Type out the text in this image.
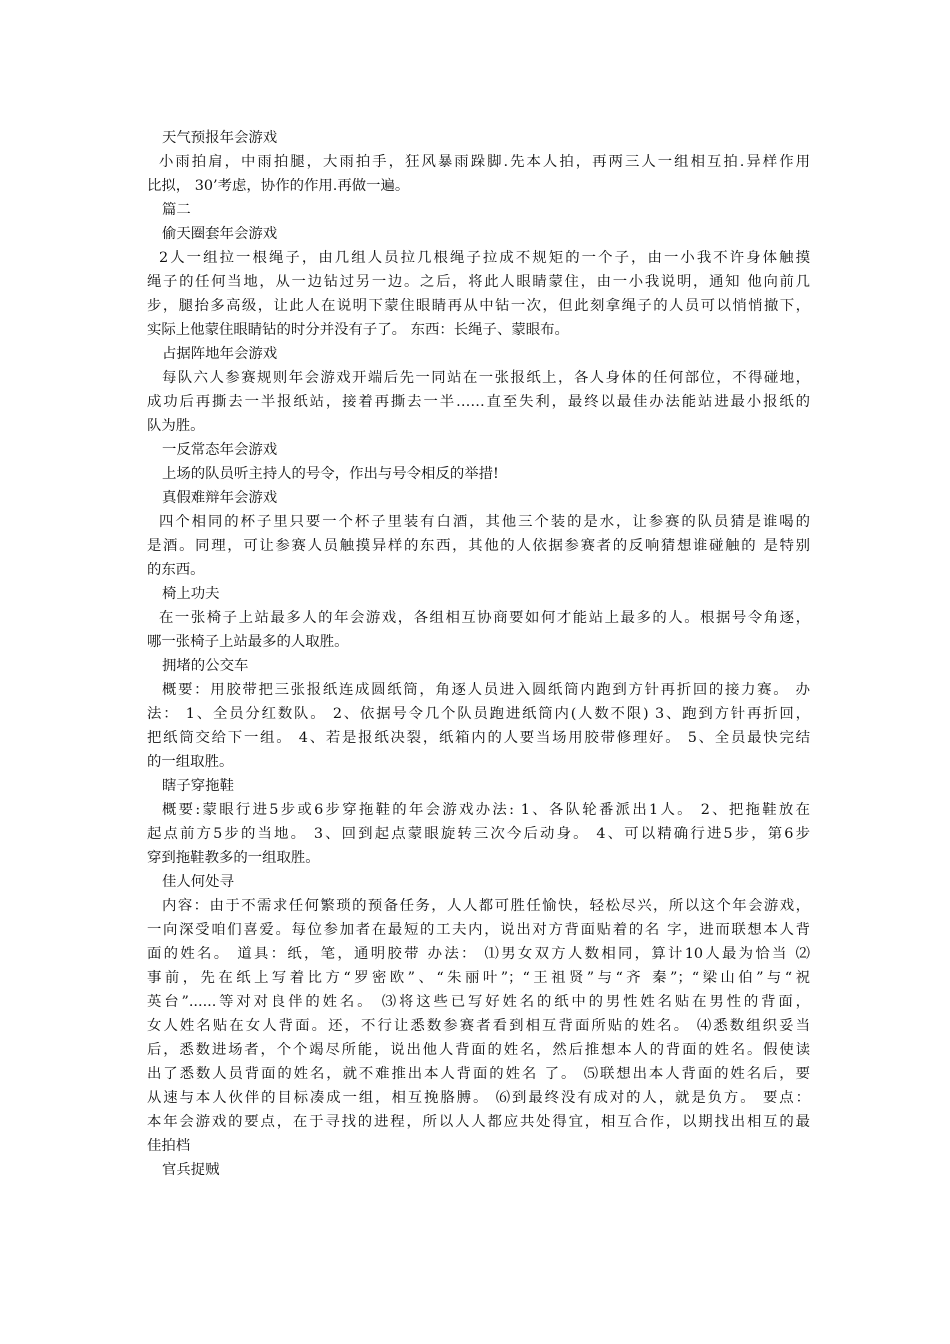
天气预报年会游戏
小雨拍肩，中雨拍腿，大雨拍手，狂风暴雨跺脚.先本人拍，再两三人一组相互拍.异样作用
比拟， 30’考虑，协作的作用.再做一遍。
篇二
偷天圈套年会游戏
2人一组拉一根绳子，由几组人员拉几根绳子拉成不规矩的一个子，由一小我不许身体触摸
绳子的任何当地，从一边钻过另一边。之后，将此人眼睛蒙住，由一小我说明，通知 他向前几
步，腿抬多高级，让此人在说明下蒙住眼睛再从中钻一次，但此刻拿绳子的人员可以悄悄撤下，
实际上他蒙住眼睛钻的时分并没有子了。 东西：长绳子、蒙眼布。
占据阵地年会游戏
每队六人参赛规则年会游戏开端后先一同站在一张报纸上，各人身体的任何部位，不得碰地，
成功后再撕去一半报纸站，接着再撕去一半……直至失利，最终以最佳办法能站进最小报纸的
队为胜。
一反常态年会游戏
上场的队员听主持人的号令，作出与号令相反的举措!
真假难辩年会游戏
四个相同的杯子里只要一个杯子里装有白酒，其他三个装的是水，让参赛的队员猜是谁喝的
是酒。同理，可让参赛人员触摸异样的东西，其他的人依据参赛者的反响猜想谁碰触的 是特别
的东西。
椅上功夫
在一张椅子上站最多人的年会游戏，各组相互协商要如何才能站上最多的人。根据号令角逐，
哪一张椅子上站最多的人取胜。
拥堵的公交车
概要：用胶带把三张报纸连成圆纸筒，角逐人员进入圆纸筒内跑到方针再折回的接力赛。 办
法： 1、全员分红数队。 2、依据号令几个队员跑进纸筒内(人数不限) 3、跑到方针再折回，
把纸筒交给下一组。 4、若是报纸决裂，纸箱内的人要当场用胶带修理好。 5、全员最快完结
的一组取胜。
瞎子穿拖鞋
概要:蒙眼行进5步或6步穿拖鞋的年会游戏办法: 1、各队轮番派出1人。 2、把拖鞋放在
起点前方5步的当地。 3、回到起点蒙眼旋转三次今后动身。 4、可以精确行进5步，第6步
穿到拖鞋教多的一组取胜。
佳人何处寻
内容：由于不需求任何繁琐的预备任务，人人都可胜任愉快，轻松尽兴，所以这个年会游戏，
一向深受咱们喜爱。每位参加者在最短的工夫内，说出对方背面贴着的名 字，进而联想本人背
面的姓名。 道具：纸，笔，通明胶带 办法： ⑴男女双方人数相同，算计10人最为恰当 ⑵
事前，先在纸上写着比方“罗密欧”、“朱丽叶”；“王祖贤”与“齐 秦”；“梁山伯”与“祝
英台”......等对对良伴的姓名。 ⑶将这些已写好姓名的纸中的男性姓名贴在男性的背面，
女人姓名贴在女人背面。还，不行让悉数参赛者看到相互背面所贴的姓名。 ⑷悉数组织妥当
后，悉数进场者，个个竭尽所能，说出他人背面的姓名，然后推想本人的背面的姓名。假使读
出了悉数人员背面的姓名，就不难推出本人背面的姓名 了。 ⑸联想出本人背面的姓名后，要
从速与本人伙伴的目标凑成一组，相互挽胳膊。 ⑹到最终没有成对的人，就是负方。 要点：
本年会游戏的要点，在于寻找的进程，所以人人都应共处得宜，相互合作，以期找出相互的最
佳拍档
官兵捉贼
